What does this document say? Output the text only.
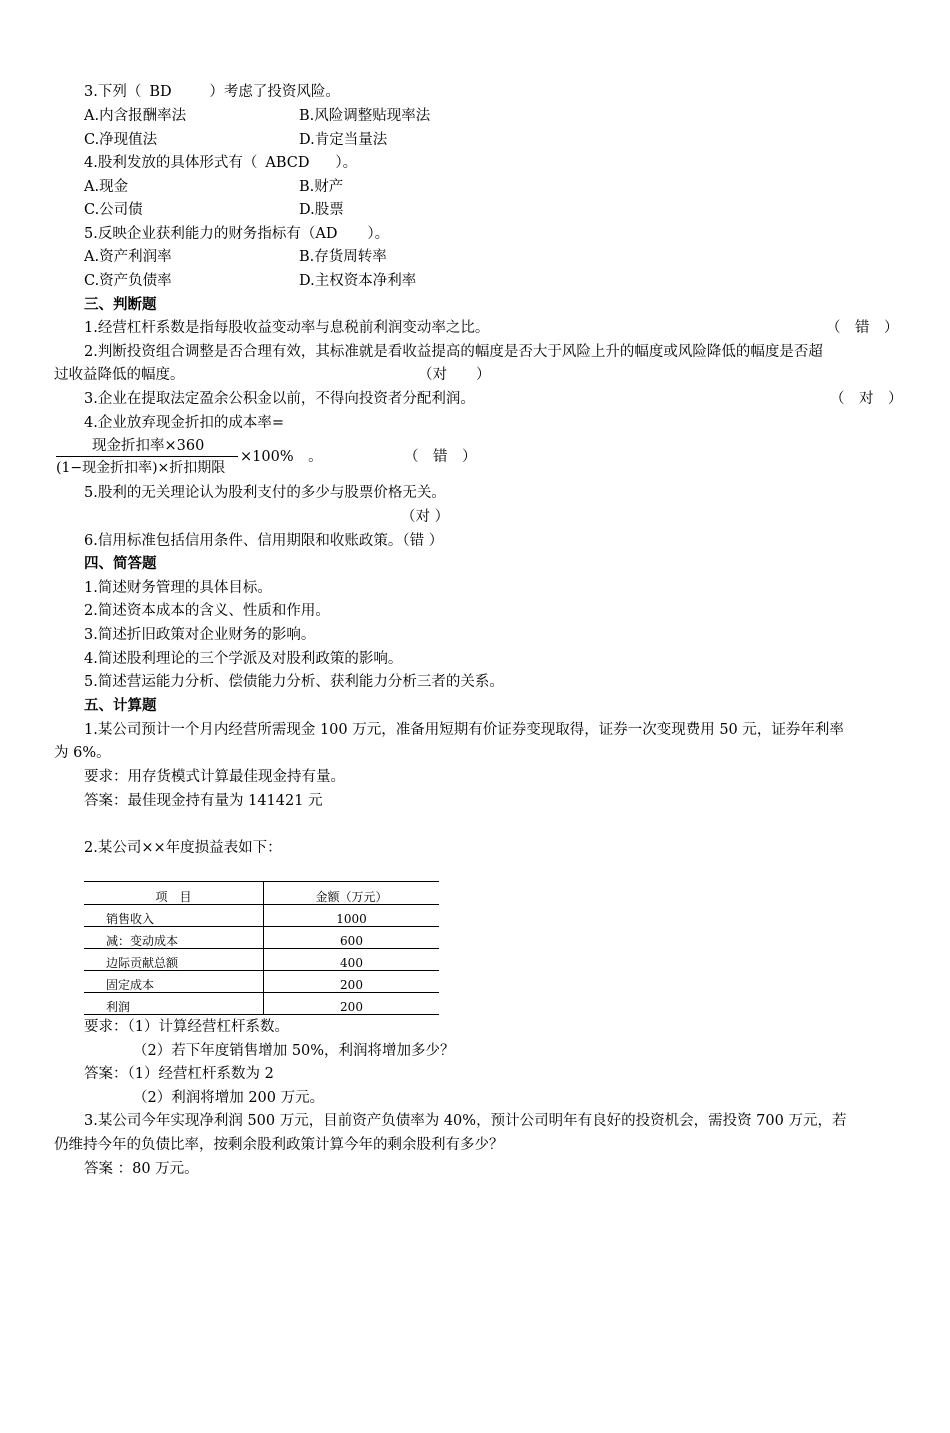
3.下列（ BD	）考虑了投资风险。
A.内含报酬率法	B.风险调整贴现率法
C.净现值法	D.肯定当量法
4.股利发放的具体形式有（ ABCD ）。
A.现金	B.财产
C.公司债	D.股票
5.反映企业获利能力的财务指标有（AD ）。
A.资产利润率	B.存货周转率
C.资产负债率	D.主权资本净利率
三、判断题
1.经营杠杆系数是指每股收益变动率与息税前利润变动率之比。	（　错　）
2.判断投资组合调整是否合理有效，其标准就是看收益提高的幅度是否大于风险上升的幅度或风险降低的幅度是否超
过收益降低的幅度。	（对　　）
3.企业在提取法定盈余公积金以前，不得向投资者分配利润。	（　对　）
4.企业放弃现金折扣的成本率=
现金折扣率×360
(1−现金折扣率)×折扣期限
×100%　。	（　错　）
5.股利的无关理论认为股利支付的多少与股票价格无关。
（对 ）
6.信用标准包括信用条件、信用期限和收账政策。（错 ）
四、简答题
1.简述财务管理的具体目标。
2.简述资本成本的含义、性质和作用。
3.简述折旧政策对企业财务的影响。
4.简述股利理论的三个学派及对股利政策的影响。
5.简述营运能力分析、偿债能力分析、获利能力分析三者的关系。
五、计算题
1.某公司预计一个月内经营所需现金 100 万元，准备用短期有价证券变现取得，证券一次变现费用 50 元，证券年利率
为 6%。
要求：用存货模式计算最佳现金持有量。
答案：最佳现金持有量为 141421 元
2.某公司××年度损益表如下：
项　目	金额（万元）
销售收入	1000
减：变动成本	600
边际贡献总额	400
固定成本	200
利润	200
要求：（1）计算经营杠杆系数。
（2）若下年度销售增加 50%，利润将增加多少？
答案：（1）经营杠杆系数为 2
（2）利润将增加 200 万元。
3.某公司今年实现净利润 500 万元，目前资产负债率为 40%，预计公司明年有良好的投资机会，需投资 700 万元，若
仍维持今年的负债比率，按剩余股利政策计算今年的剩余股利有多少？
答案 ：80 万元。
